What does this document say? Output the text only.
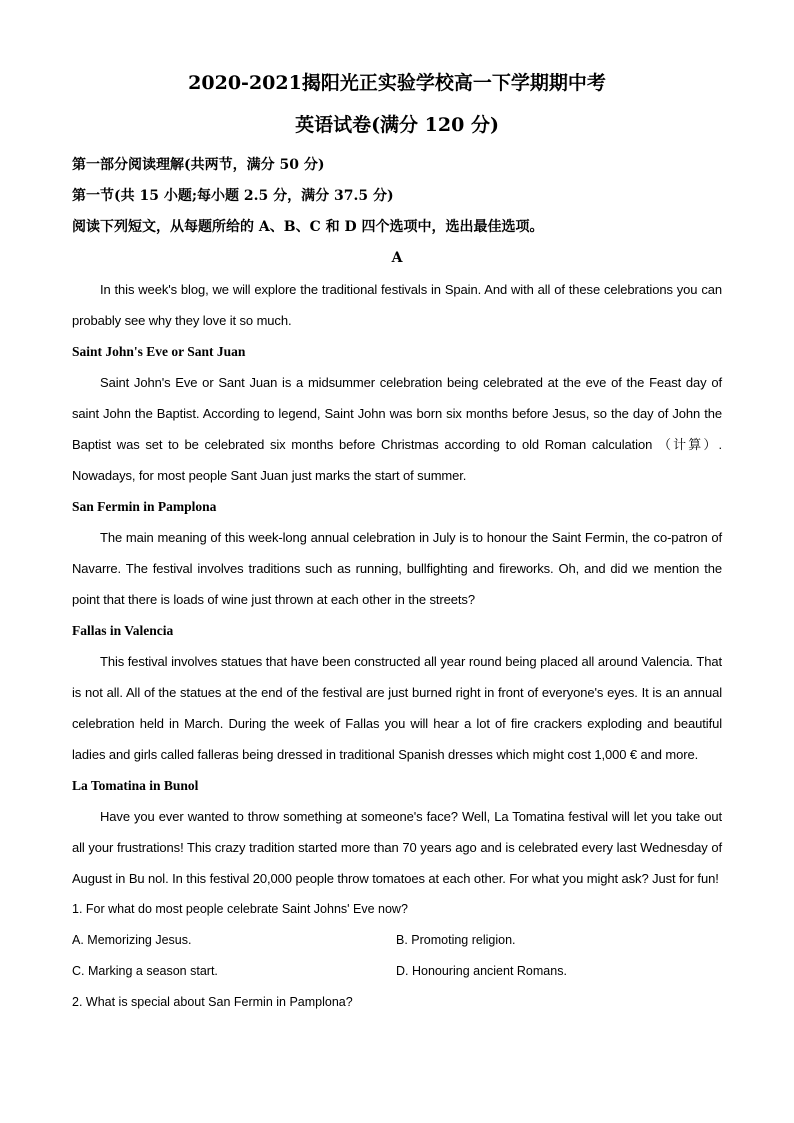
2020-2021揭阳光正实验学校高一下学期期中考
英语试卷(满分 120 分)

第一部分阅读理解(共两节，满分 50 分)

第一节(共 15 小题;每小题 2.5 分，满分 37.5 分)

阅读下列短文，从每题所给的 A、B、C 和 D 四个选项中，选出最佳选项。

A

In this week's blog, we will explore the traditional festivals in Spain. And with all of these celebrations you can probably see why they love it so much.

Saint John's Eve or Sant Juan

Saint John's Eve or Sant Juan is a midsummer celebration being celebrated at the eve of the Feast day of saint John the Baptist. According to legend, Saint John was born six months before Jesus, so the day of John the Baptist was set to be celebrated six months before Christmas according to old Roman calculation （计算）. Nowadays, for most people Sant Juan just marks the start of summer.

San Fermin in Pamplona

The main meaning of this week-long annual celebration in July is to honour the Saint Fermin, the co-patron of Navarre. The festival involves traditions such as running, bullfighting and fireworks. Oh, and did we mention the point that there is loads of wine just thrown at each other in the streets?

Fallas in Valencia

This festival involves statues that have been constructed all year round being placed all around Valencia. That is not all. All of the statues at the end of the festival are just burned right in front of everyone's eyes. It is an annual celebration held in March. During the week of Fallas you will hear a lot of fire crackers exploding and beautiful ladies and girls called falleras being dressed in traditional Spanish dresses which might cost 1,000 € and more.

La Tomatina in Bunol

Have you ever wanted to throw something at someone's face? Well, La Tomatina festival will let you take out all your frustrations! This crazy tradition started more than 70 years ago and is celebrated every last Wednesday of August in Bu nol. In this festival 20,000 people throw tomatoes at each other. For what you might ask? Just for fun!

1. For what do most people celebrate Saint Johns' Eve now?

A. Memorizing Jesus.	B. Promoting religion.
C. Marking a season start.	D. Honouring ancient Romans.

2. What is special about San Fermin in Pamplona?
